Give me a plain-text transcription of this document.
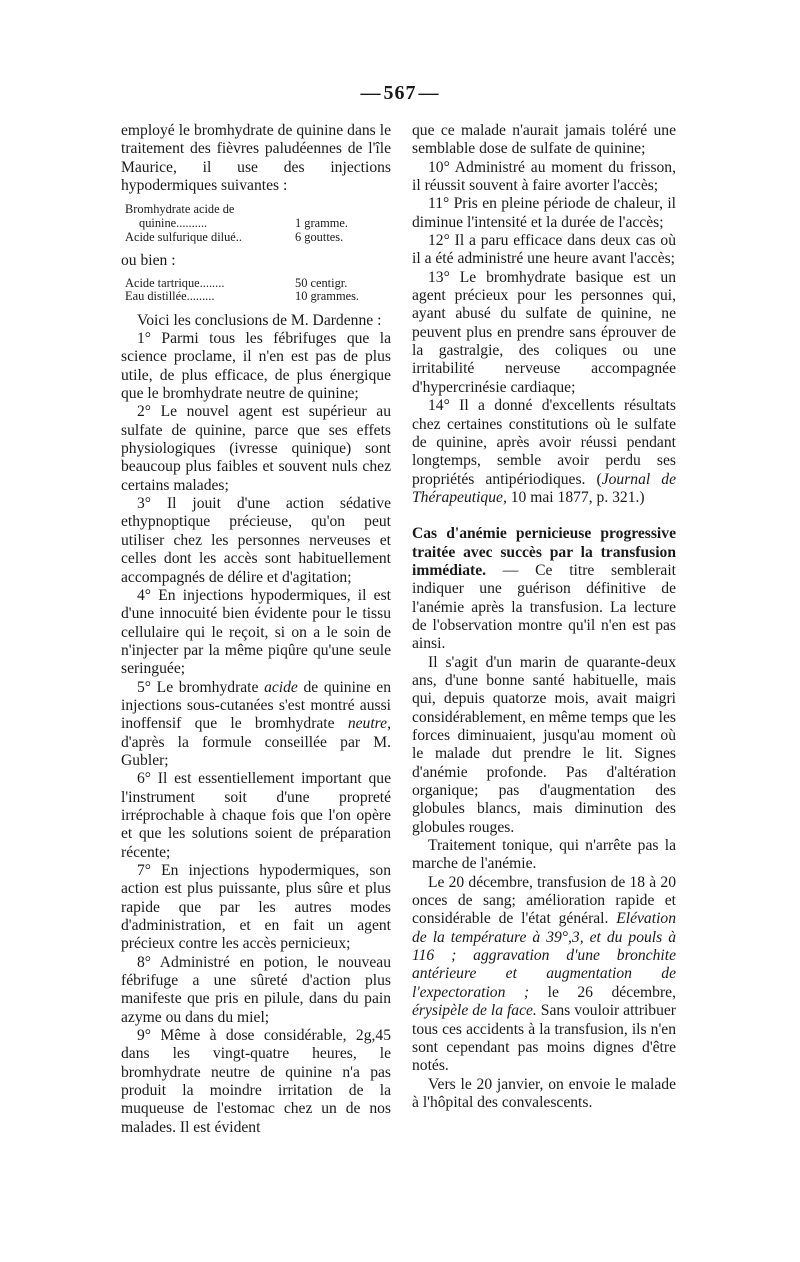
— 567 —

employé le bromhydrate de quinine dans le traitement des fièvres paludéennes de l'île Maurice, il use des injections hypodermiques suivantes :

Bromhydrate acide de
quinine..........	1 gramme.
Acide sulfurique dilué..	6 gouttes.

ou bien :

Acide tartrique........	50 centigr.
Eau distillée.........	10 grammes.

Voici les conclusions de M. Dardenne :

1° Parmi tous les fébrifuges que la science proclame, il n'en est pas de plus utile, de plus efficace, de plus énergique que le bromhydrate neutre de quinine;

2° Le nouvel agent est supérieur au sulfate de quinine, parce que ses effets physiologiques (ivresse quinique) sont beaucoup plus faibles et souvent nuls chez certains malades;

3° Il jouit d'une action sédative ethypnoptique précieuse, qu'on peut utiliser chez les personnes nerveuses et celles dont les accès sont habituellement accompagnés de délire et d'agitation;

4° En injections hypodermiques, il est d'une innocuité bien évidente pour le tissu cellulaire qui le reçoit, si on a le soin de n'injecter par la même piqûre qu'une seule seringuée;

5° Le bromhydrate acide de quinine en injections sous-cutanées s'est montré aussi inoffensif que le bromhydrate neutre, d'après la formule conseillée par M. Gubler;

6° Il est essentiellement important que l'instrument soit d'une propreté irréprochable à chaque fois que l'on opère et que les solutions soient de préparation récente;

7° En injections hypodermiques, son action est plus puissante, plus sûre et plus rapide que par les autres modes d'administration, et en fait un agent précieux contre les accès pernicieux;

8° Administré en potion, le nouveau fébrifuge a une sûreté d'action plus manifeste que pris en pilule, dans du pain azyme ou dans du miel;

9° Même à dose considérable, 2g,45 dans les vingt-quatre heures, le bromhydrate neutre de quinine n'a pas produit la moindre irritation de la muqueuse de l'estomac chez un de nos malades. Il est évident

que ce malade n'aurait jamais toléré une semblable dose de sulfate de quinine;

10° Administré au moment du frisson, il réussit souvent à faire avorter l'accès;

11° Pris en pleine période de chaleur, il diminue l'intensité et la durée de l'accès;

12° Il a paru efficace dans deux cas où il a été administré une heure avant l'accès;

13° Le bromhydrate basique est un agent précieux pour les personnes qui, ayant abusé du sulfate de quinine, ne peuvent plus en prendre sans éprouver de la gastralgie, des coliques ou une irritabilité nerveuse accompagnée d'hypercrinésie cardiaque;

14° Il a donné d'excellents résultats chez certaines constitutions où le sulfate de quinine, après avoir réussi pendant longtemps, semble avoir perdu ses propriétés antipériodiques. (Journal de Thérapeutique, 10 mai 1877, p. 321.)

Cas d'anémie pernicieuse progressive traitée avec succès par la transfusion immédiate. — Ce titre semblerait indiquer une guérison définitive de l'anémie après la transfusion. La lecture de l'observation montre qu'il n'en est pas ainsi.

Il s'agit d'un marin de quarante-deux ans, d'une bonne santé habituelle, mais qui, depuis quatorze mois, avait maigri considérablement, en même temps que les forces diminuaient, jusqu'au moment où le malade dut prendre le lit. Signes d'anémie profonde. Pas d'altération organique; pas d'augmentation des globules blancs, mais diminution des globules rouges.

Traitement tonique, qui n'arrête pas la marche de l'anémie.

Le 20 décembre, transfusion de 18 à 20 onces de sang; amélioration rapide et considérable de l'état général. Elévation de la température à 39°,3, et du pouls à 116 ; aggravation d'une bronchite antérieure et augmentation de l'expectoration ; le 26 décembre, érysipèle de la face. Sans vouloir attribuer tous ces accidents à la transfusion, ils n'en sont cependant pas moins dignes d'être notés.

Vers le 20 janvier, on envoie le malade à l'hôpital des convalescents.
